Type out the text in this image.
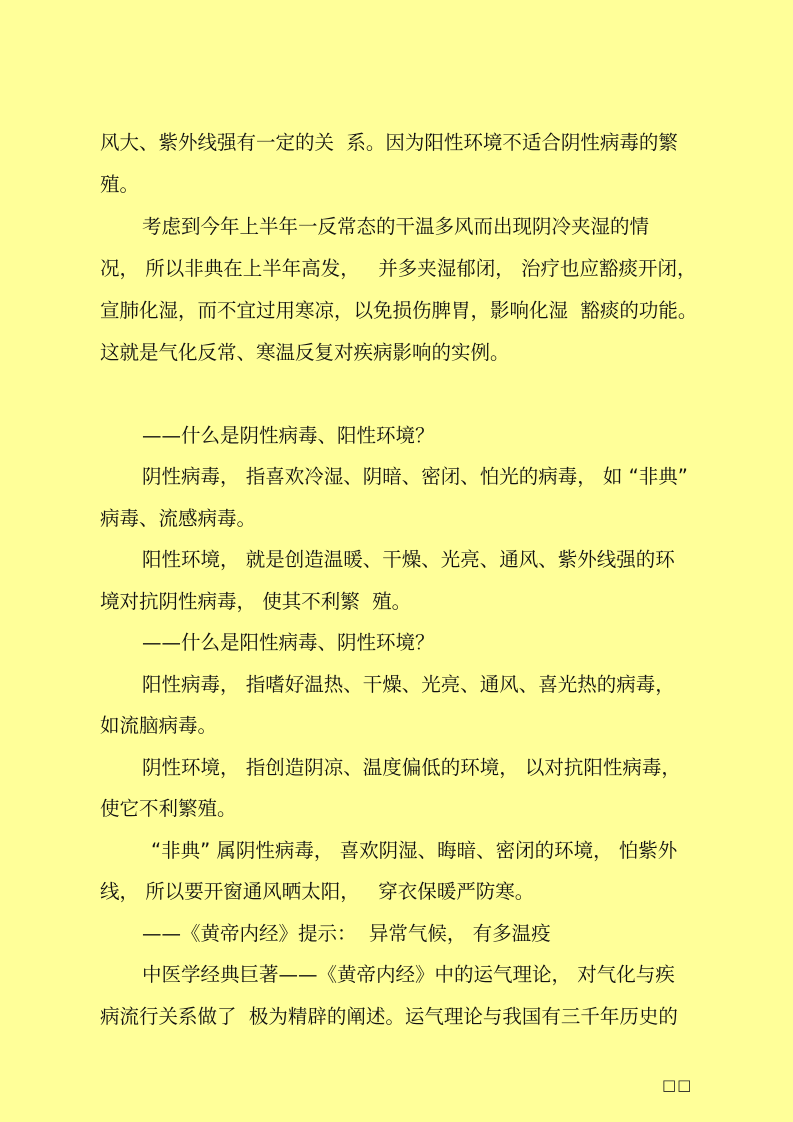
风大、紫外线强有一定的关  系。因为阳性环境不适合阴性病毒的繁
殖。
考虑到今年上半年一反常态的干温多风而出现阴冷夹湿的情
况， 所以非典在上半年高发，   并多夹湿郁闭， 治疗也应豁痰开闭，
宣肺化湿，而不宜过用寒凉，以免损伤脾胃，影响化湿  豁痰的功能。
这就是气化反常、寒温反复对疾病影响的实例。
——什么是阴性病毒、阳性环境？
阴性病毒， 指喜欢冷湿、阴暗、密闭、怕光的病毒， 如 “非典”
病毒、流感病毒。
阳性环境， 就是创造温暖、干燥、光亮、通风、紫外线强的环
境对抗阴性病毒， 使其不利繁  殖。
——什么是阳性病毒、阴性环境？
阳性病毒， 指嗜好温热、干燥、光亮、通风、喜光热的病毒，
如流脑病毒。
阴性环境， 指创造阴凉、温度偏低的环境， 以对抗阳性病毒，
使它不利繁殖。
“非典” 属阴性病毒， 喜欢阴湿、晦暗、密闭的环境， 怕紫外
线， 所以要开窗通风晒太阳，   穿衣保暖严防寒。
——《黄帝内经》提示：  异常气候， 有多温疫
中医学经典巨著——《黄帝内经》中的运气理论， 对气化与疾
病流行关系做了  极为精辟的阐述。运气理论与我国有三千年历史的
□□
